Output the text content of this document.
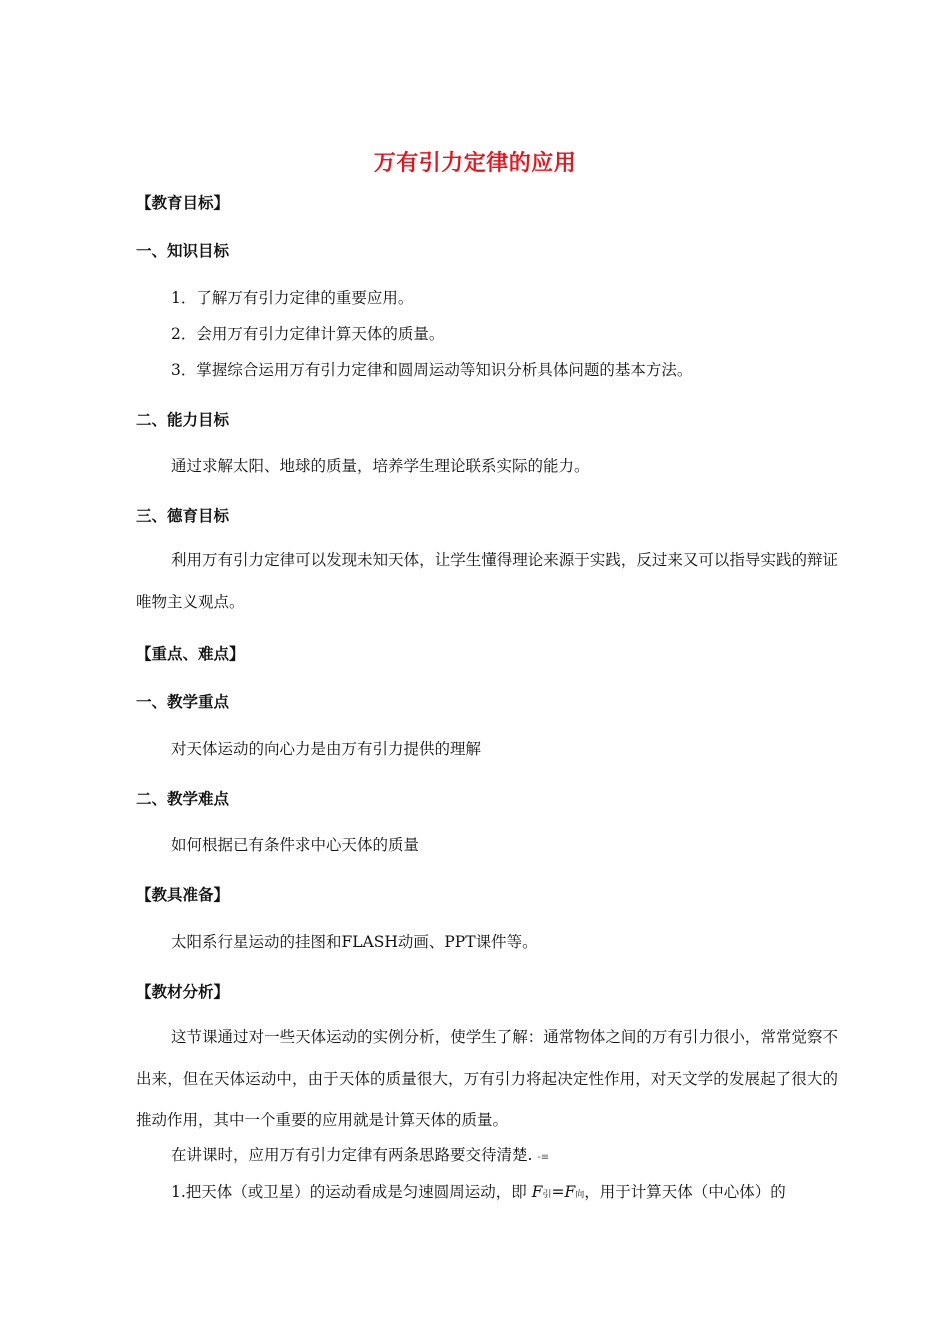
万有引力定律的应用
【教育目标】
一、知识目标
1．了解万有引力定律的重要应用。
2．会用万有引力定律计算天体的质量。
3．掌握综合运用万有引力定律和圆周运动等知识分析具体问题的基本方法。
二、能力目标
通过求解太阳、地球的质量，培养学生理论联系实际的能力。
三、德育目标
利用万有引力定律可以发现未知天体，让学生懂得理论来源于实践，反过来又可以指导实践的辩证唯物主义观点。
【重点、难点】
一、教学重点
对天体运动的向心力是由万有引力提供的理解
二、教学难点
如何根据已有条件求中心天体的质量
【教具准备】
太阳系行星运动的挂图和FLASH动画、PPT课件等。
【教材分析】
这节课通过对一些天体运动的实例分析，使学生了解：通常物体之间的万有引力很小，常常觉察不出来，但在天体运动中，由于天体的质量很大，万有引力将起决定性作用，对天文学的发展起了很大的推动作用，其中一个重要的应用就是计算天体的质量。
在讲课时，应用万有引力定律有两条思路要交待清楚. -≡
1.把天体（或卫星）的运动看成是匀速圆周运动，即 F引=F向，用于计算天体（中心体）的
